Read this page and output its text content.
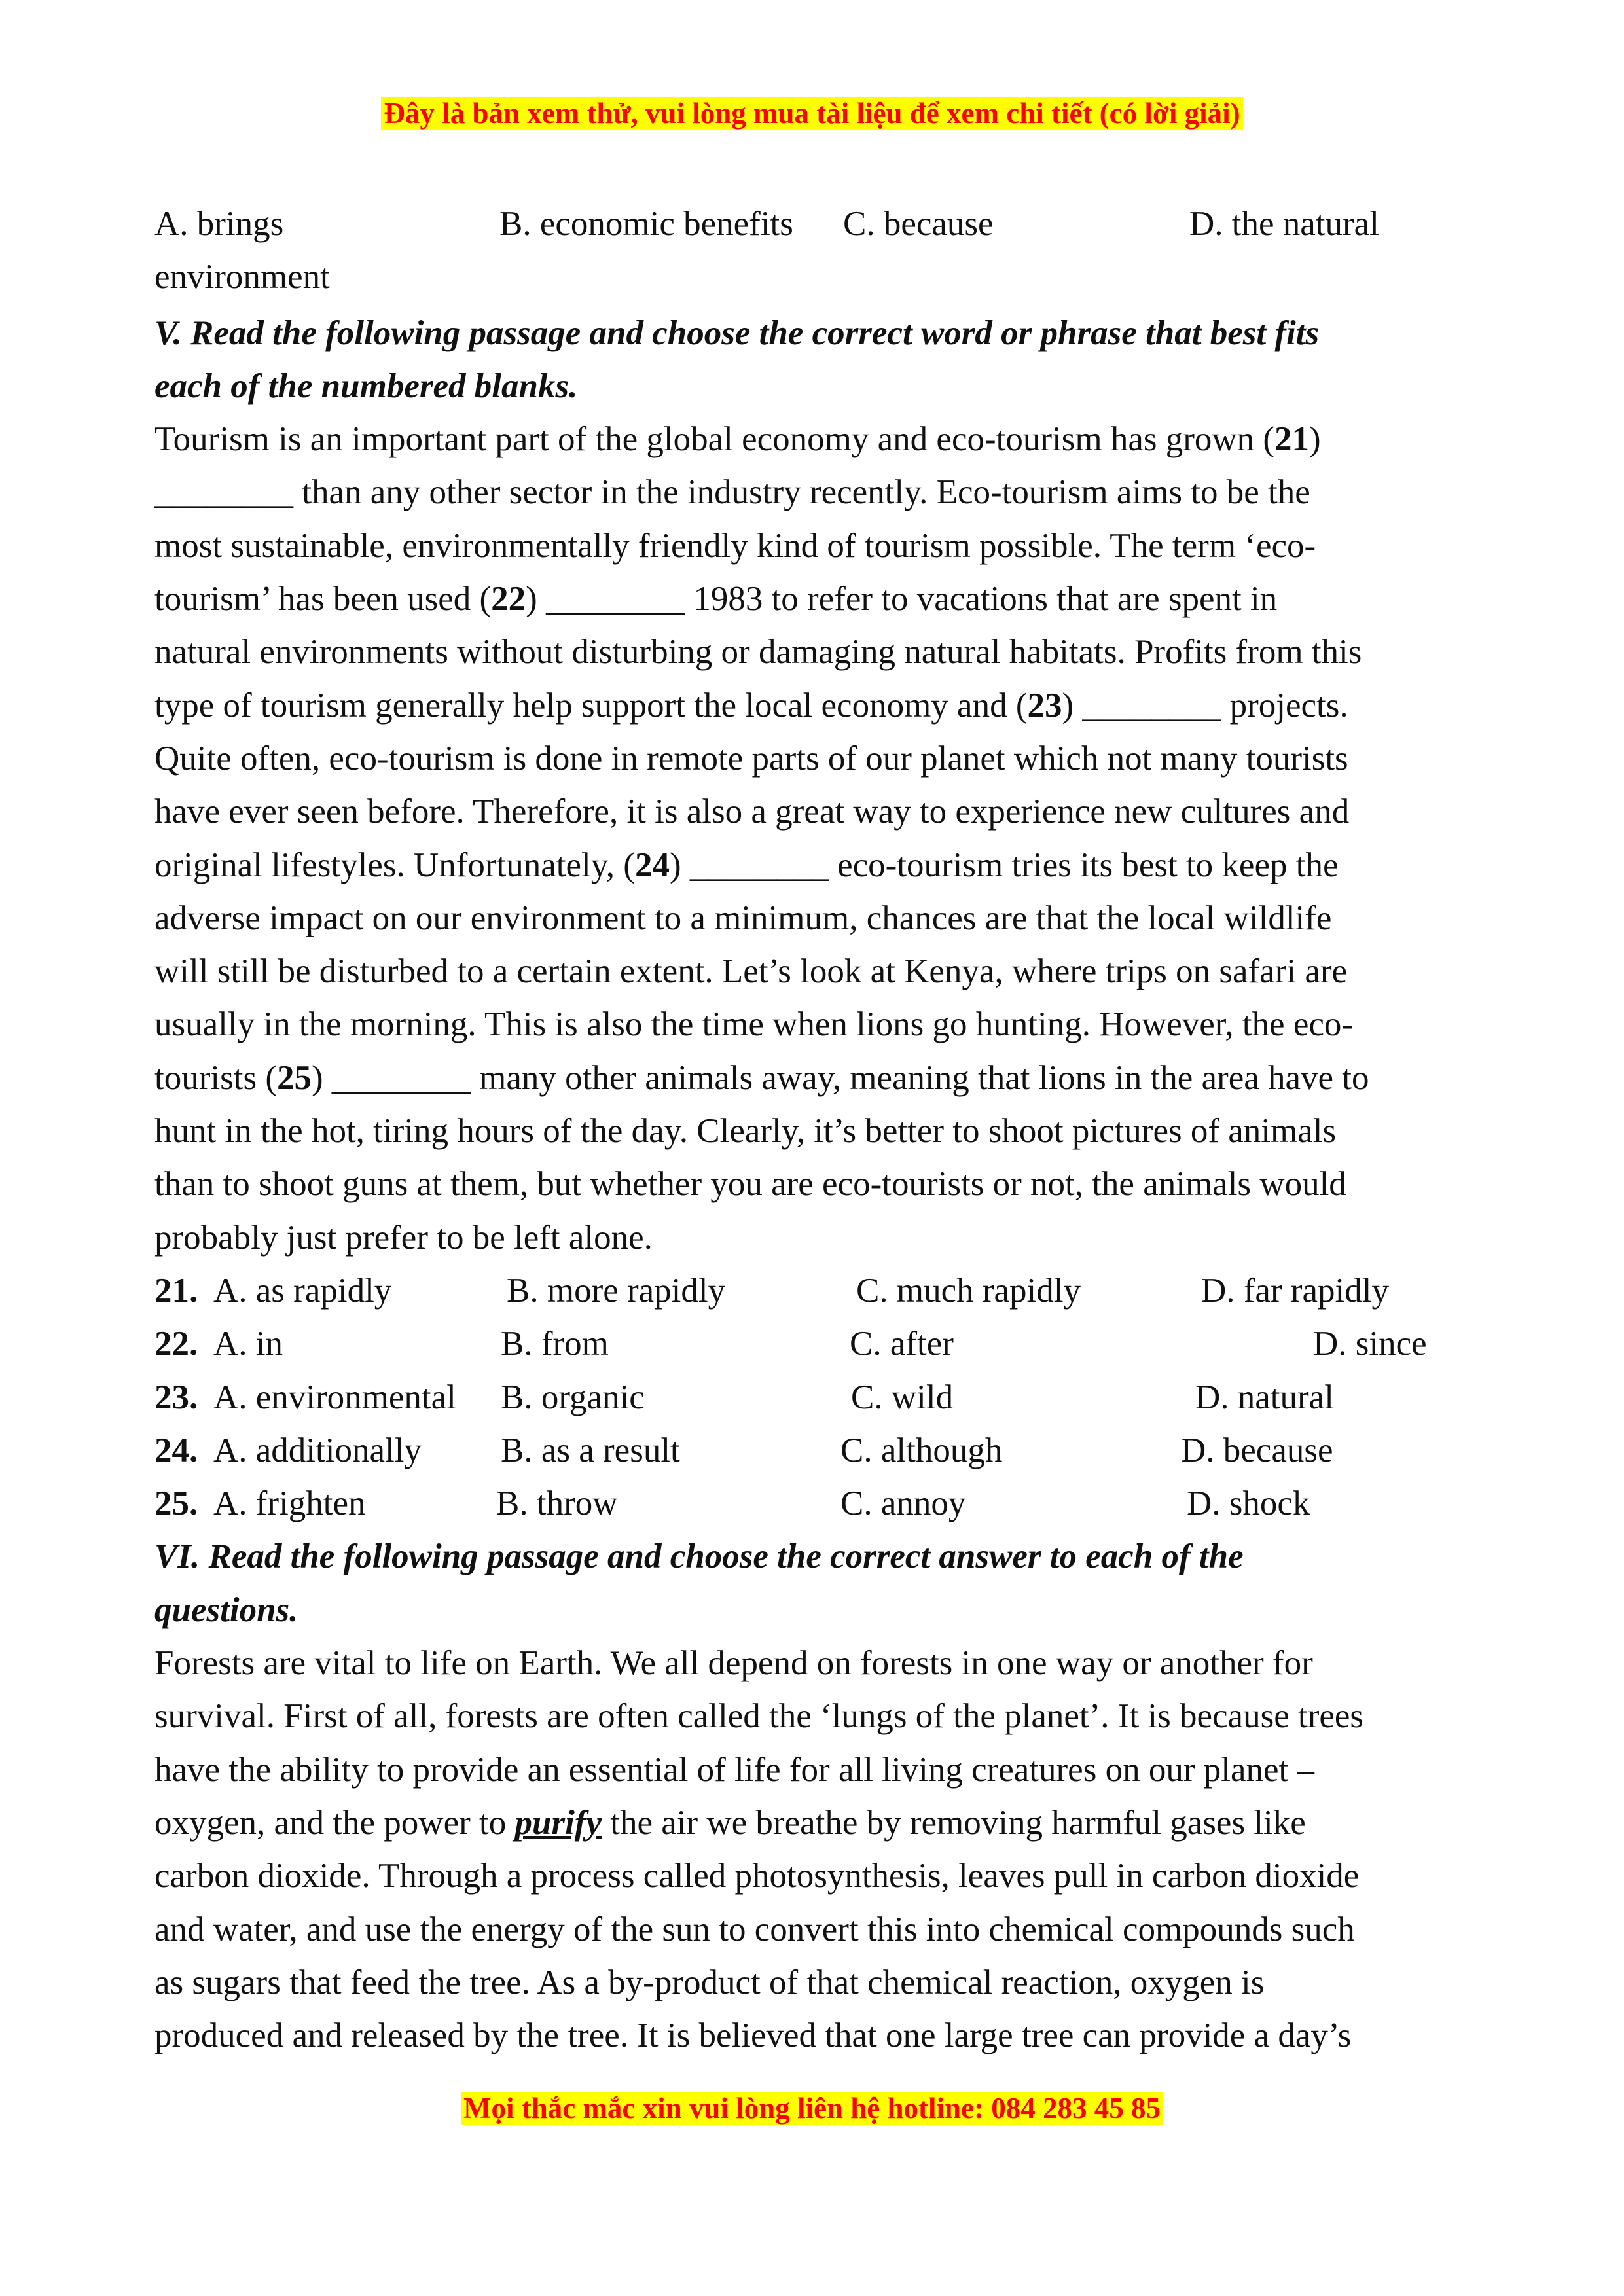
Đây là bản xem thử, vui lòng mua tài liệu để xem chi tiết (có lời giải)
A. brings	B. economic benefits C. because	D. the natural
environment
V. Read the following passage and choose the correct word or phrase that best fits
each of the numbered blanks.
Tourism is an important part of the global economy and eco-tourism has grown (21)
________ than any other sector in the industry recently. Eco-tourism aims to be the
most sustainable, environmentally friendly kind of tourism possible. The term ‘eco-
tourism’ has been used (22) ________ 1983 to refer to vacations that are spent in
natural environments without disturbing or damaging natural habitats. Profits from this
type of tourism generally help support the local economy and (23) ________ projects.
Quite often, eco-tourism is done in remote parts of our planet which not many tourists
have ever seen before. Therefore, it is also a great way to experience new cultures and
original lifestyles. Unfortunately, (24) ________ eco-tourism tries its best to keep the
adverse impact on our environment to a minimum, chances are that the local wildlife
will still be disturbed to a certain extent. Let’s look at Kenya, where trips on safari are
usually in the morning. This is also the time when lions go hunting. However, the eco-
tourists (25) ________ many other animals away, meaning that lions in the area have to
hunt in the hot, tiring hours of the day. Clearly, it’s better to shoot pictures of animals
than to shoot guns at them, but whether you are eco-tourists or not, the animals would
probably just prefer to be left alone.
21. A. as rapidly	B. more rapidly	C. much rapidly	D. far rapidly
22. A. in	B. from	C. after	D. since
23. A. environmental B. organic	C. wild	D. natural
24. A. additionally B. as a result	C. although	D. because
25. A. frighten	B. throw	C. annoy	D. shock
VI. Read the following passage and choose the correct answer to each of the
questions.
Forests are vital to life on Earth. We all depend on forests in one way or another for
survival. First of all, forests are often called the ‘lungs of the planet’. It is because trees
have the ability to provide an essential of life for all living creatures on our planet –
oxygen, and the power to purify the air we breathe by removing harmful gases like
carbon dioxide. Through a process called photosynthesis, leaves pull in carbon dioxide
and water, and use the energy of the sun to convert this into chemical compounds such
as sugars that feed the tree. As a by-product of that chemical reaction, oxygen is
produced and released by the tree. It is believed that one large tree can provide a day’s
Mọi thắc mắc xin vui lòng liên hệ hotline: 084 283 45 85
